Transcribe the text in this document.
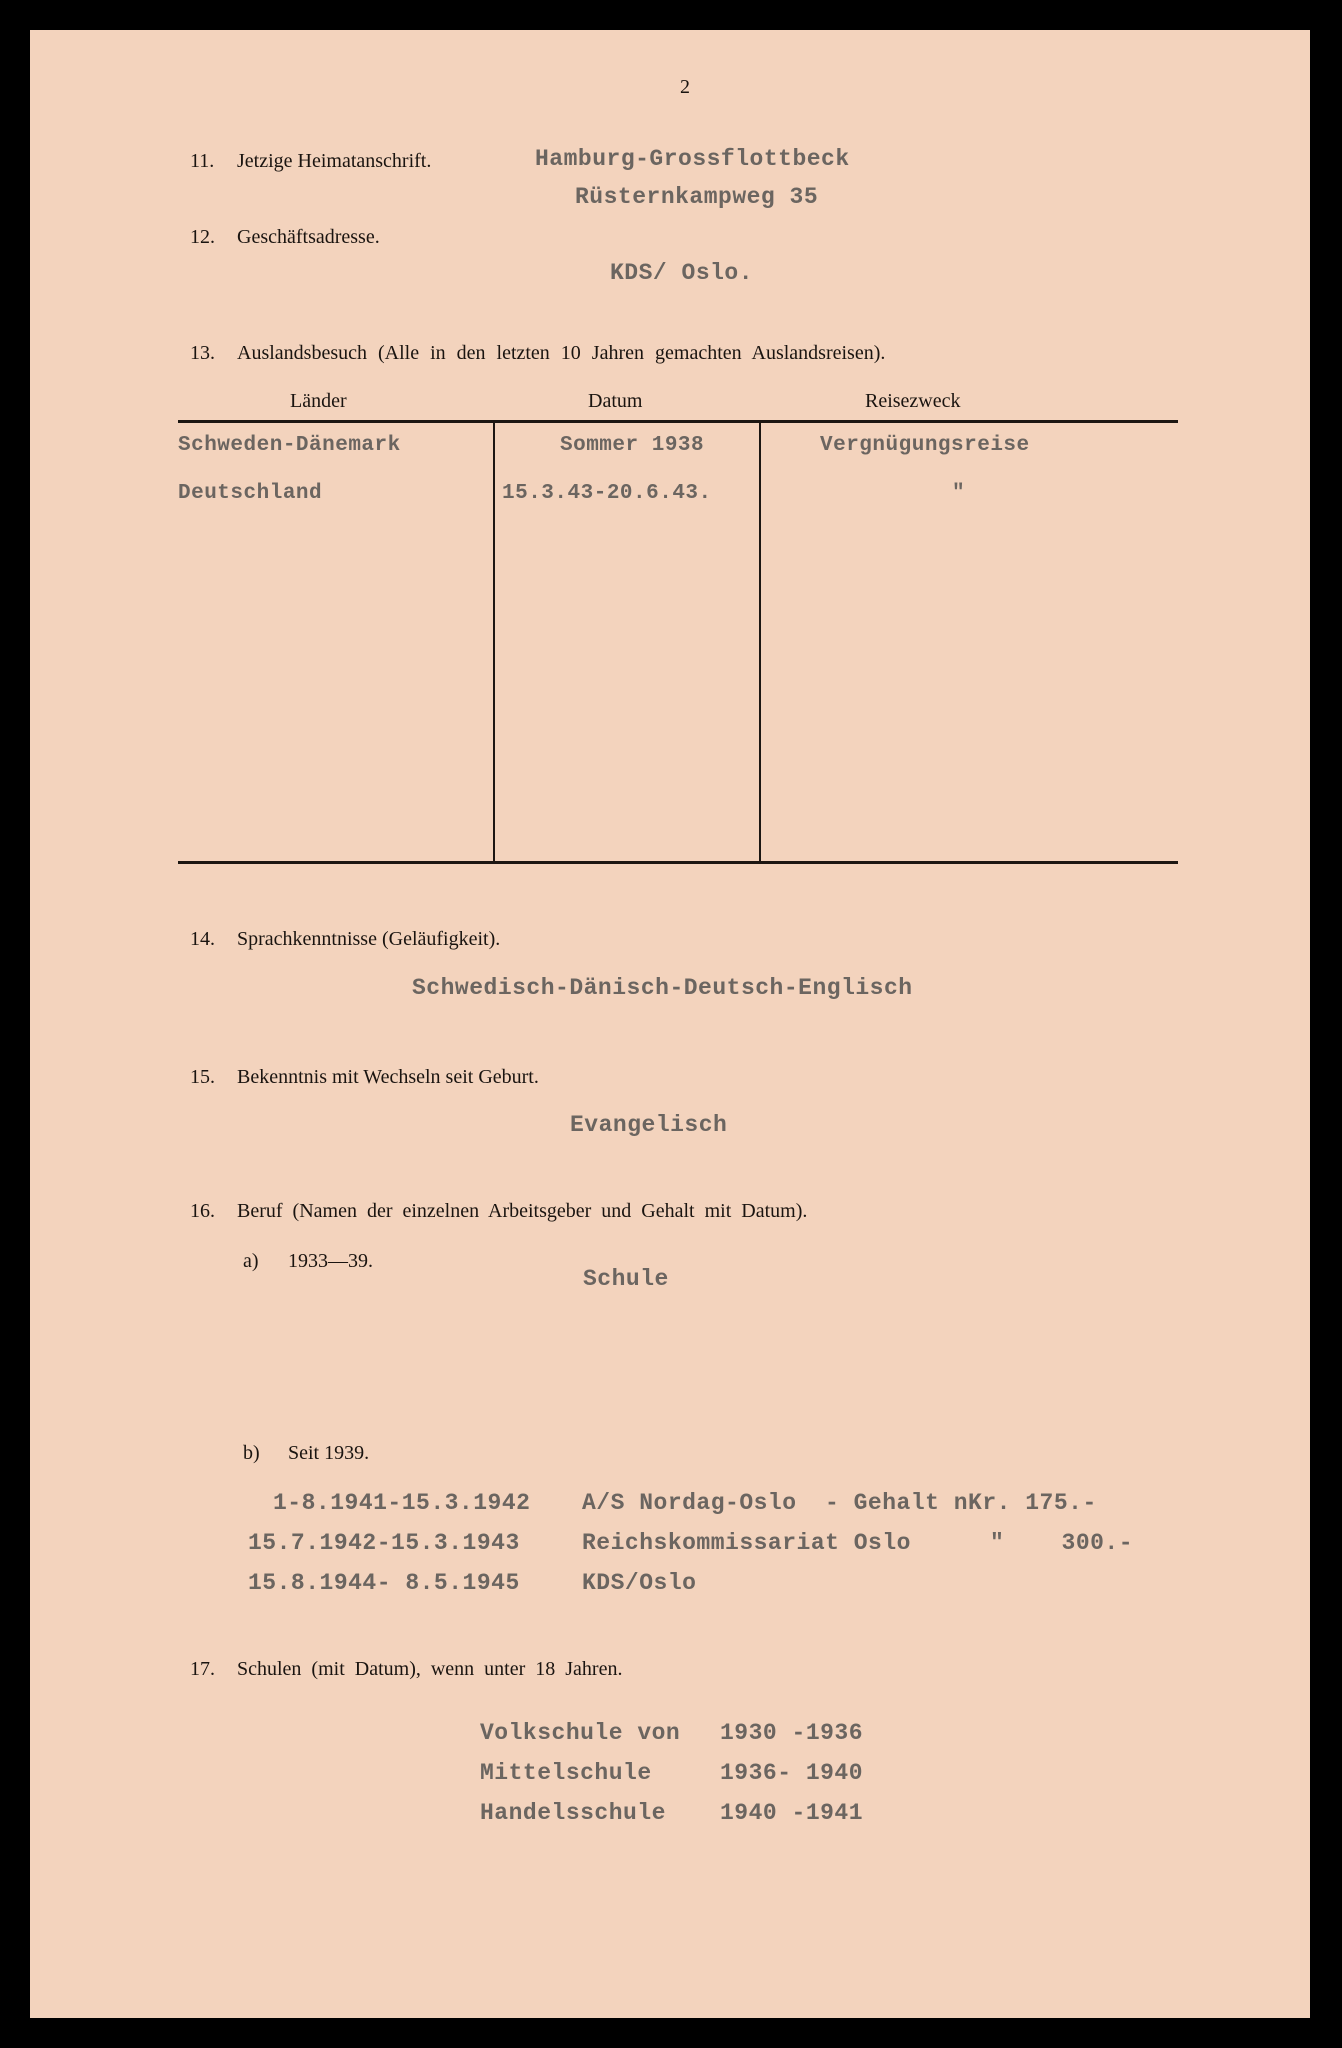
2
11. Jetzige Heimatanschrift.	Hamburg-Grossflottbeck
Rüsternkampweg 35
12. Geschäftsadresse.
KDS/ Oslo.
13. Auslandsbesuch (Alle in den letzten 10 Jahren gemachten Auslandsreisen).
Länder	Datum	Reisezweck
Schweden-Dänemark	Sommer 1938	Vergnügungsreise
Deutschland	15.3.43-20.6.43.	"
14. Sprachkenntnisse (Geläufigkeit).
Schwedisch-Dänisch-Deutsch-Englisch
15. Bekenntnis mit Wechseln seit Geburt.
Evangelisch
16. Beruf (Namen der einzelnen Arbeitsgeber und Gehalt mit Datum).
a) 1933—39.
Schule
b) Seit 1939.
1-8.1941-15.3.1942 A/S Nordag-Oslo - Gehalt nKr. 175.-
15.7.1942-15.3.1943	Reichskommissariat Oslo	"    300.-
15.8.1944- 8.5.1945	KDS/Oslo
17. Schulen (mit Datum), wenn unter 18 Jahren.
Volkschule von 1930 -1936
Mittelschule	1936- 1940
Handelsschule 1940 -1941
